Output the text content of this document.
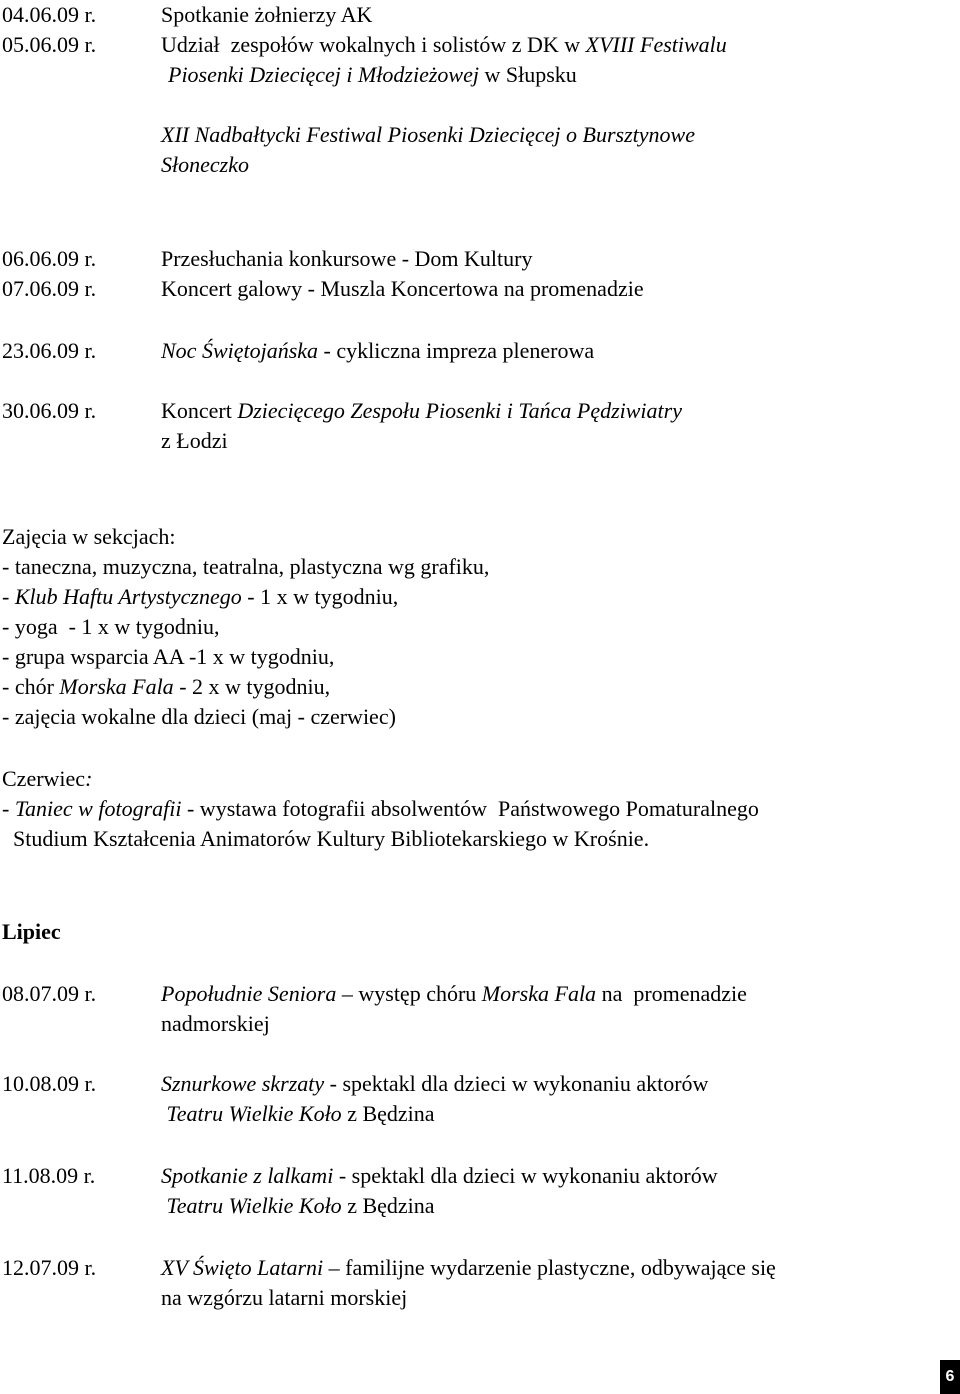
04.06.09 r.	Spotkanie żołnierzy AK
05.06.09 r.	Udział  zespołów wokalnych i solistów z DK w XVIII Festiwalu
Piosenki Dziecięcej i Młodzieżowej w Słupsku
XII Nadbałtycki Festiwal Piosenki Dziecięcej o Bursztynowe
Słoneczko
06.06.09 r.	Przesłuchania konkursowe - Dom Kultury
07.06.09 r.	Koncert galowy - Muszla Koncertowa na promenadzie
23.06.09 r.	Noc Świętojańska - cykliczna impreza plenerowa
30.06.09 r.	Koncert Dziecięcego Zespołu Piosenki i Tańca Pędziwiatry
z Łodzi
Zajęcia w sekcjach:
- taneczna, muzyczna, teatralna, plastyczna wg grafiku,
- Klub Haftu Artystycznego - 1 x w tygodniu,
- yoga  - 1 x w tygodniu,
- grupa wsparcia AA -1 x w tygodniu,
- chór Morska Fala - 2 x w tygodniu,
- zajęcia wokalne dla dzieci (maj - czerwiec)
Czerwiec:
- Taniec w fotografii - wystawa fotografii absolwentów  Państwowego Pomaturalnego
Studium Kształcenia Animatorów Kultury Bibliotekarskiego w Krośnie.
Lipiec
08.07.09 r.	Popołudnie Seniora – występ chóru Morska Fala na  promenadzie
nadmorskiej
10.08.09 r.	Sznurkowe skrzaty - spektakl dla dzieci w wykonaniu aktorów
Teatru Wielkie Koło z Będzina
11.08.09 r.	Spotkanie z lalkami - spektakl dla dzieci w wykonaniu aktorów
Teatru Wielkie Koło z Będzina
12.07.09 r.	XV Święto Latarni – familijne wydarzenie plastyczne, odbywające się
na wzgórzu latarni morskiej
6
